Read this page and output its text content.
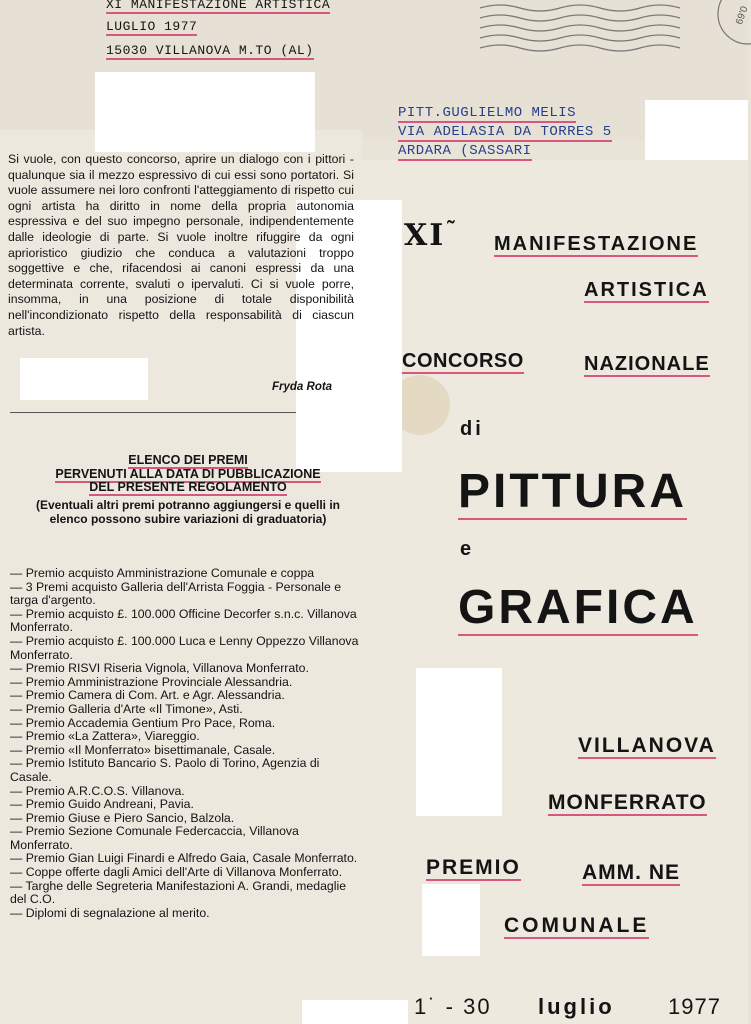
XI MANIFESTAZIONE ARTISTICA
LUGLIO 1977
15030 VILLANOVA M.TO (AL)
69'0
PITT.GUGLIELMO MELIS
VIA ADELASIA DA TORRES 5
ARDARA (SASSARI
Si vuole, con questo concorso, aprire un dialogo con i pittori - qualunque sia il mezzo espressivo di cui essi sono portatori. Si vuole assumere nei loro confronti l'atteggiamento di rispetto cui ogni artista ha diritto in nome della propria autonomia espressiva e del suo impegno personale, indipendentemente dalle ideologie di parte. Si vuole inoltre rifuggire da ogni aprioristico giudizio che conduca a valutazioni troppo soggettive e che, rifacendosi ai canoni espressi da una determinata corrente, svaluti o ipervaluti. Ci si vuole porre, insomma, in una posizione di totale disponibilità nell'incondizionato rispetto della responsabilità di ciascun artista.
Fryda Rota
ELENCO DEI PREMI
PERVENUTI ALLA DATA DI PUBBLICAZIONE
DEL PRESENTE REGOLAMENTO
(Eventuali altri premi potranno aggiungersi e quelli in elenco possono subire variazioni di graduatoria)
— Premio acquisto Amministrazione Comunale e coppa
— 3 Premi acquisto Galleria dell'Arrista Foggia - Personale e targa d'argento.
— Premio acquisto £. 100.000 Officine Decorfer s.n.c. Villanova Monferrato.
— Premio acquisto £. 100.000 Luca e Lenny Oppezzo Villanova Monferrato.
— Premio RISVI Riseria Vignola, Villanova Monferrato.
— Premio Amministrazione Provinciale Alessandria.
— Premio Camera di Com. Art. e Agr. Alessandria.
— Premio Galleria d'Arte «Il Timone», Asti.
— Premio Accademia Gentium Pro Pace, Roma.
— Premio «La Zattera», Viareggio.
— Premio «Il Monferrato» bisettimanale, Casale.
— Premio Istituto Bancario S. Paolo di Torino, Agenzia di Casale.
— Premio A.R.C.O.S. Villanova.
— Premio Guido Andreani, Pavia.
— Premio Giuse e Piero Sancio, Balzola.
— Premio Sezione Comunale Federcaccia, Villanova Monferrato.
— Premio Gian Luigi Finardi e Alfredo Gaia, Casale Monferrato.
— Coppe offerte dagli Amici dell'Arte di Villanova Monferrato.
— Targhe delle Segreteria Manifestazioni A. Grandi, medaglie del C.O.
— Diplomi di segnalazione al merito.
XI˜ MANIFESTAZIONE
ARTISTICA
CONCORSO	NAZIONALE
di
PITTURA
e
GRAFICA
VILLANOVA
MONFERRATO
PREMIO	AMM. NE
COMUNALE
1˙ - 30 luglio 1977
